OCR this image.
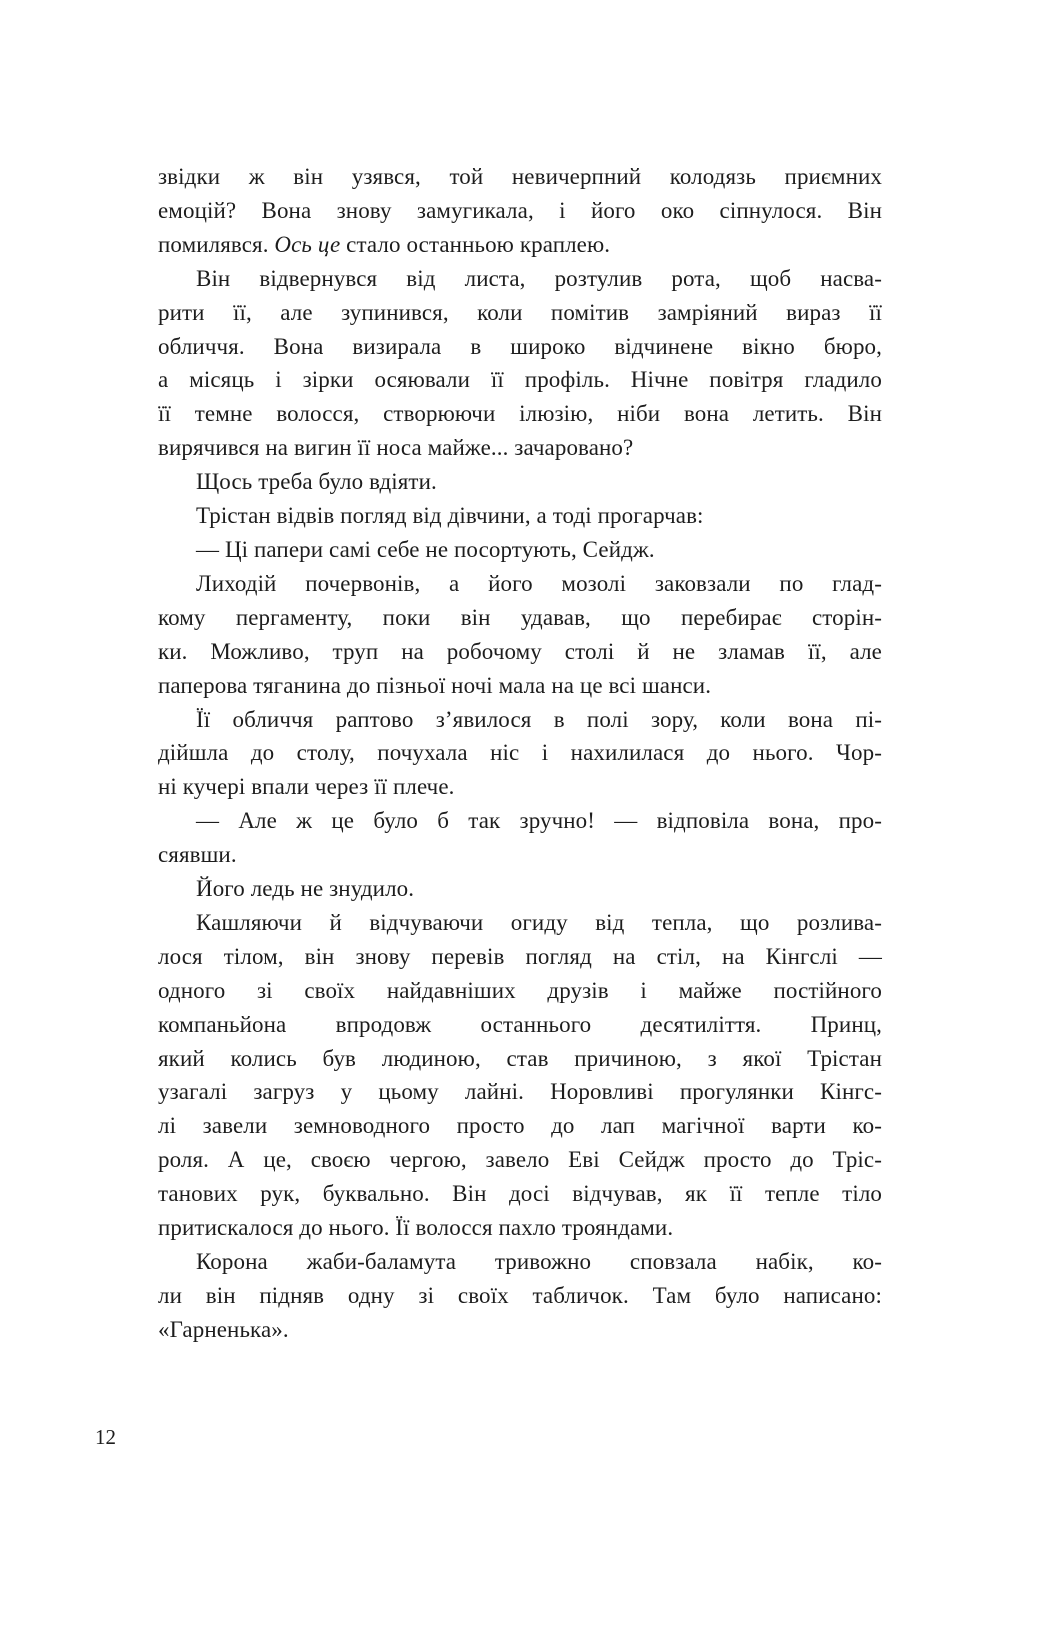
звідки ж він узявся, той невичерпний колодязь приємних
емоцій? Вона знову замугикала, і його око сіпнулося. Він
помилявся. Ось це стало останньою краплею.
Він відвернувся від листа, розтулив рота, щоб насва-
рити її, але зупинився, коли помітив замріяний вираз її
обличчя. Вона визирала в широко відчинене вікно бюро,
а місяць і зірки осяювали її профіль. Нічне повітря гладило
її темне волосся, створюючи ілюзію, ніби вона летить. Він
вирячився на вигин її носа майже... зачаровано?
Щось треба було вдіяти.
Трістан відвів погляд від дівчини, а тоді прогарчав:
— Ці папери самі себе не посортують, Сейдж.
Лиходій почервонів, а його мозолі заковзали по глад-
кому пергаменту, поки він удавав, що перебирає сторін-
ки. Можливо, труп на робочому столі й не зламав її, але
паперова тяганина до пізньої ночі мала на це всі шанси.
Її обличчя раптово з’явилося в полі зору, коли вона пі-
дійшла до столу, почухала ніс і нахилилася до нього. Чор-
ні кучері впали через її плече.
— Але ж це було б так зручно! — відповіла вона, про-
сяявши.
Його ледь не знудило.
Кашляючи й відчуваючи огиду від тепла, що розлива-
лося тілом, він знову перевів погляд на стіл, на Кінгслі —
одного зі своїх найдавніших друзів і майже постійного
компаньйона впродовж останнього десятиліття. Принц,
який колись був людиною, став причиною, з якої Трістан
узагалі загруз у цьому лайні. Норовливі прогулянки Кінгс-
лі завели земноводного просто до лап магічної варти ко-
роля. А це, своєю чергою, завело Еві Сейдж просто до Тріс-
танових рук, буквально. Він досі відчував, як її тепле тіло
притискалося до нього. Її волосся пахло трояндами.
Корона жаби-баламута тривожно сповзала набік, ко-
ли він підняв одну зі своїх табличок. Там було написано:
«Гарненька».
12
